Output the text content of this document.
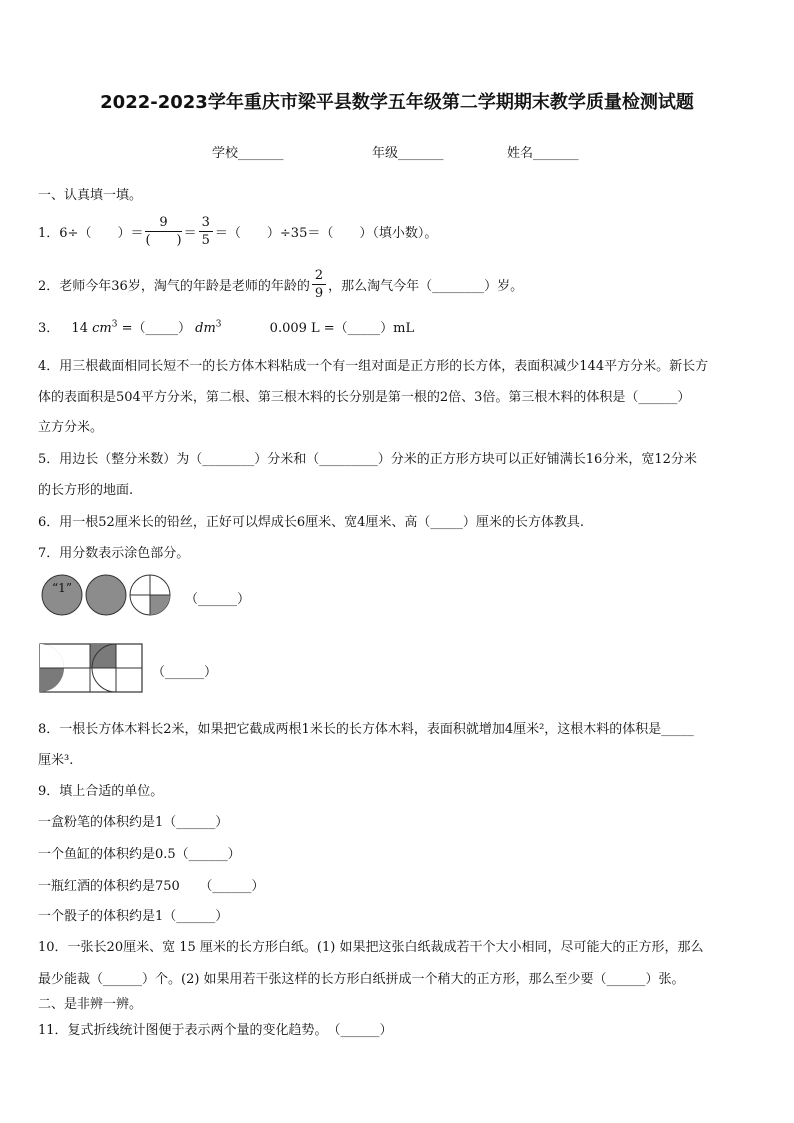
2022-2023学年重庆市梁平县数学五年级第二学期期末教学质量检测试题
学校_______	年级_______	姓名_______
一、认真填一填。
1． 6÷（　　）＝ $\frac{9}{( )} = \frac{3}{5}$ ＝（　　）÷35＝（　　）（填小数）。
2．老师今年36岁，淘气的年龄是老师的年龄的 $\frac{2}{9}$ ，那么淘气今年（________）岁。
3． 14 $cm^3$ =（_____） $dm^3$	0.009 L =（_____）mL
4．用三根截面相同长短不一的长方体木料粘成一个有一组对面是正方形的长方体，表面积减少144平方分米。新长方
体的表面积是504平方分米，第二根、第三根木料的长分别是第一根的2倍、3倍。第三根木料的体积是（______）
立方分米。
5．用边长（整分米数）为（________）分米和（_________）分米的正方形方块可以正好铺满长16分米，宽12分米
的长方形的地面.
6．用一根52厘米长的铅丝，正好可以焊成长6厘米、宽4厘米、高（_____）厘米的长方体教具.
7．用分数表示涂色部分。
“1”
（______）
（______）
8．一根长方体木料长2米，如果把它截成两根1米长的长方体木料，表面积就增加4厘米²，这根木料的体积是_____
厘米³.
9．填上合适的单位。
一盒粉笔的体积约是1（______）
一个鱼缸的体积约是0.5（______）
一瓶红酒的体积约是750　　（______）
一个骰子的体积约是1（______）
10．一张长20厘米、宽 15 厘米的长方形白纸。(1) 如果把这张白纸裁成若干个大小相同，尽可能大的正方形，那么
最少能裁（______）个。(2) 如果用若干张这样的长方形白纸拼成一个稍大的正方形，那么至少要（______）张。
二、是非辨一辨。
11．复式折线统计图便于表示两个量的变化趋势。　（______）
